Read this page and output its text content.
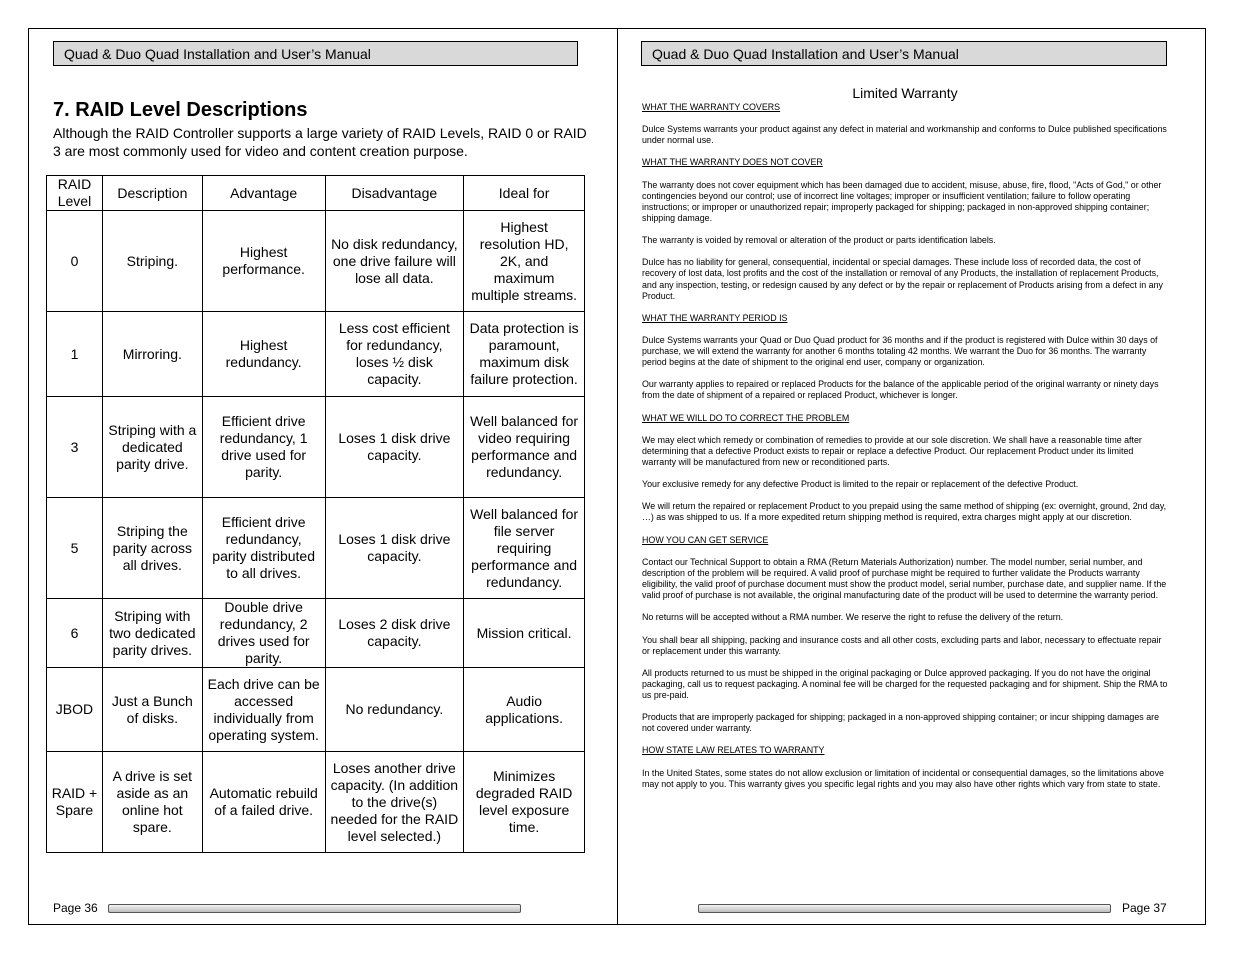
Quad & Duo Quad Installation and User’s Manual
7. RAID Level Descriptions

Although the RAID Controller supports a large variety of RAID Levels, RAID 0 or RAID 3 are most commonly used for video and content creation purpose.

RAID Level	Description	Advantage	Disadvantage	Ideal for
0	Striping.	Highest performance.	No disk redundancy, one drive failure will lose all data.	Highest resolution HD, 2K, and maximum multiple streams.
1	Mirroring.	Highest redundancy.	Less cost efficient for redundancy, loses ½ disk capacity.	Data protection is paramount, maximum disk failure protection.
3	Striping with a dedicated parity drive.	Efficient drive redundancy, 1 drive used for parity.	Loses 1 disk drive capacity.	Well balanced for video requiring performance and redundancy.
5	Striping the parity across all drives.	Efficient drive redundancy, parity distributed to all drives.	Loses 1 disk drive capacity.	Well balanced for file server requiring performance and redundancy.
6	Striping with two dedicated parity drives.	Double drive redundancy, 2 drives used for parity.	Loses 2 disk drive capacity.	Mission critical.
JBOD	Just a Bunch of disks.	Each drive can be accessed individually from operating system.	No redundancy.	Audio applications.
RAID + Spare	A drive is set aside as an online hot spare.	Automatic rebuild of a failed drive.	Loses another drive capacity. (In addition to the drive(s) needed for the RAID level selected.)	Minimizes degraded RAID level exposure time.
Page 36
Quad & Duo Quad Installation and User’s Manual
Limited Warranty
WHAT THE WARRANTY COVERS

Dulce Systems warrants your product against any defect in material and workmanship and conforms to Dulce published specifications under normal use.

WHAT THE WARRANTY DOES NOT COVER

The warranty does not cover equipment which has been damaged due to accident, misuse, abuse, fire, flood, "Acts of God," or other contingencies beyond our control; use of incorrect line voltages; improper or insufficient ventilation; failure to follow operating instructions; or improper or unauthorized repair; improperly packaged for shipping; packaged in non-approved shipping container; shipping damage.

The warranty is voided by removal or alteration of the product or parts identification labels.

Dulce has no liability for general, consequential, incidental or special damages. These include loss of recorded data, the cost of recovery of lost data, lost profits and the cost of the installation or removal of any Products, the installation of replacement Products, and any inspection, testing, or redesign caused by any defect or by the repair or replacement of Products arising from a defect in any Product.

WHAT THE WARRANTY PERIOD IS

Dulce Systems warrants your Quad or Duo Quad product for 36 months and if the product is registered with Dulce within 30 days of purchase, we will extend the warranty for another 6 months totaling 42 months. We warrant the Duo for 36 months. The warranty period begins at the date of shipment to the original end user, company or organization.

Our warranty applies to repaired or replaced Products for the balance of the applicable period of the original warranty or ninety days from the date of shipment of a repaired or replaced Product, whichever is longer.

WHAT WE WILL DO TO CORRECT THE PROBLEM

We may elect which remedy or combination of remedies to provide at our sole discretion. We shall have a reasonable time after determining that a defective Product exists to repair or replace a defective Product. Our replacement Product under its limited warranty will be manufactured from new or reconditioned parts.

Your exclusive remedy for any defective Product is limited to the repair or replacement of the defective Product.

We will return the repaired or replacement Product to you prepaid using the same method of shipping (ex: overnight, ground, 2nd day, …) as was shipped to us. If a more expedited return shipping method is required, extra charges might apply at our discretion.

HOW YOU CAN GET SERVICE

Contact our Technical Support to obtain a RMA (Return Materials Authorization) number. The model number, serial number, and description of the problem will be required. A valid proof of purchase might be required to further validate the Products warranty eligibility, the valid proof of purchase document must show the product model, serial number, purchase date, and supplier name. If the valid proof of purchase is not available, the original manufacturing date of the product will be used to determine the warranty period.

No returns will be accepted without a RMA number. We reserve the right to refuse the delivery of the return.

You shall bear all shipping, packing and insurance costs and all other costs, excluding parts and labor, necessary to effectuate repair or replacement under this warranty.

All products returned to us must be shipped in the original packaging or Dulce approved packaging. If you do not have the original packaging, call us to request packaging. A nominal fee will be charged for the requested packaging and for shipment. Ship the RMA to us pre-paid.

Products that are improperly packaged for shipping; packaged in a non-approved shipping container; or incur shipping damages are not covered under warranty.

HOW STATE LAW RELATES TO WARRANTY

In the United States, some states do not allow exclusion or limitation of incidental or consequential damages, so the limitations above may not apply to you. This warranty gives you specific legal rights and you may also have other rights which vary from state to state.

Page 37
